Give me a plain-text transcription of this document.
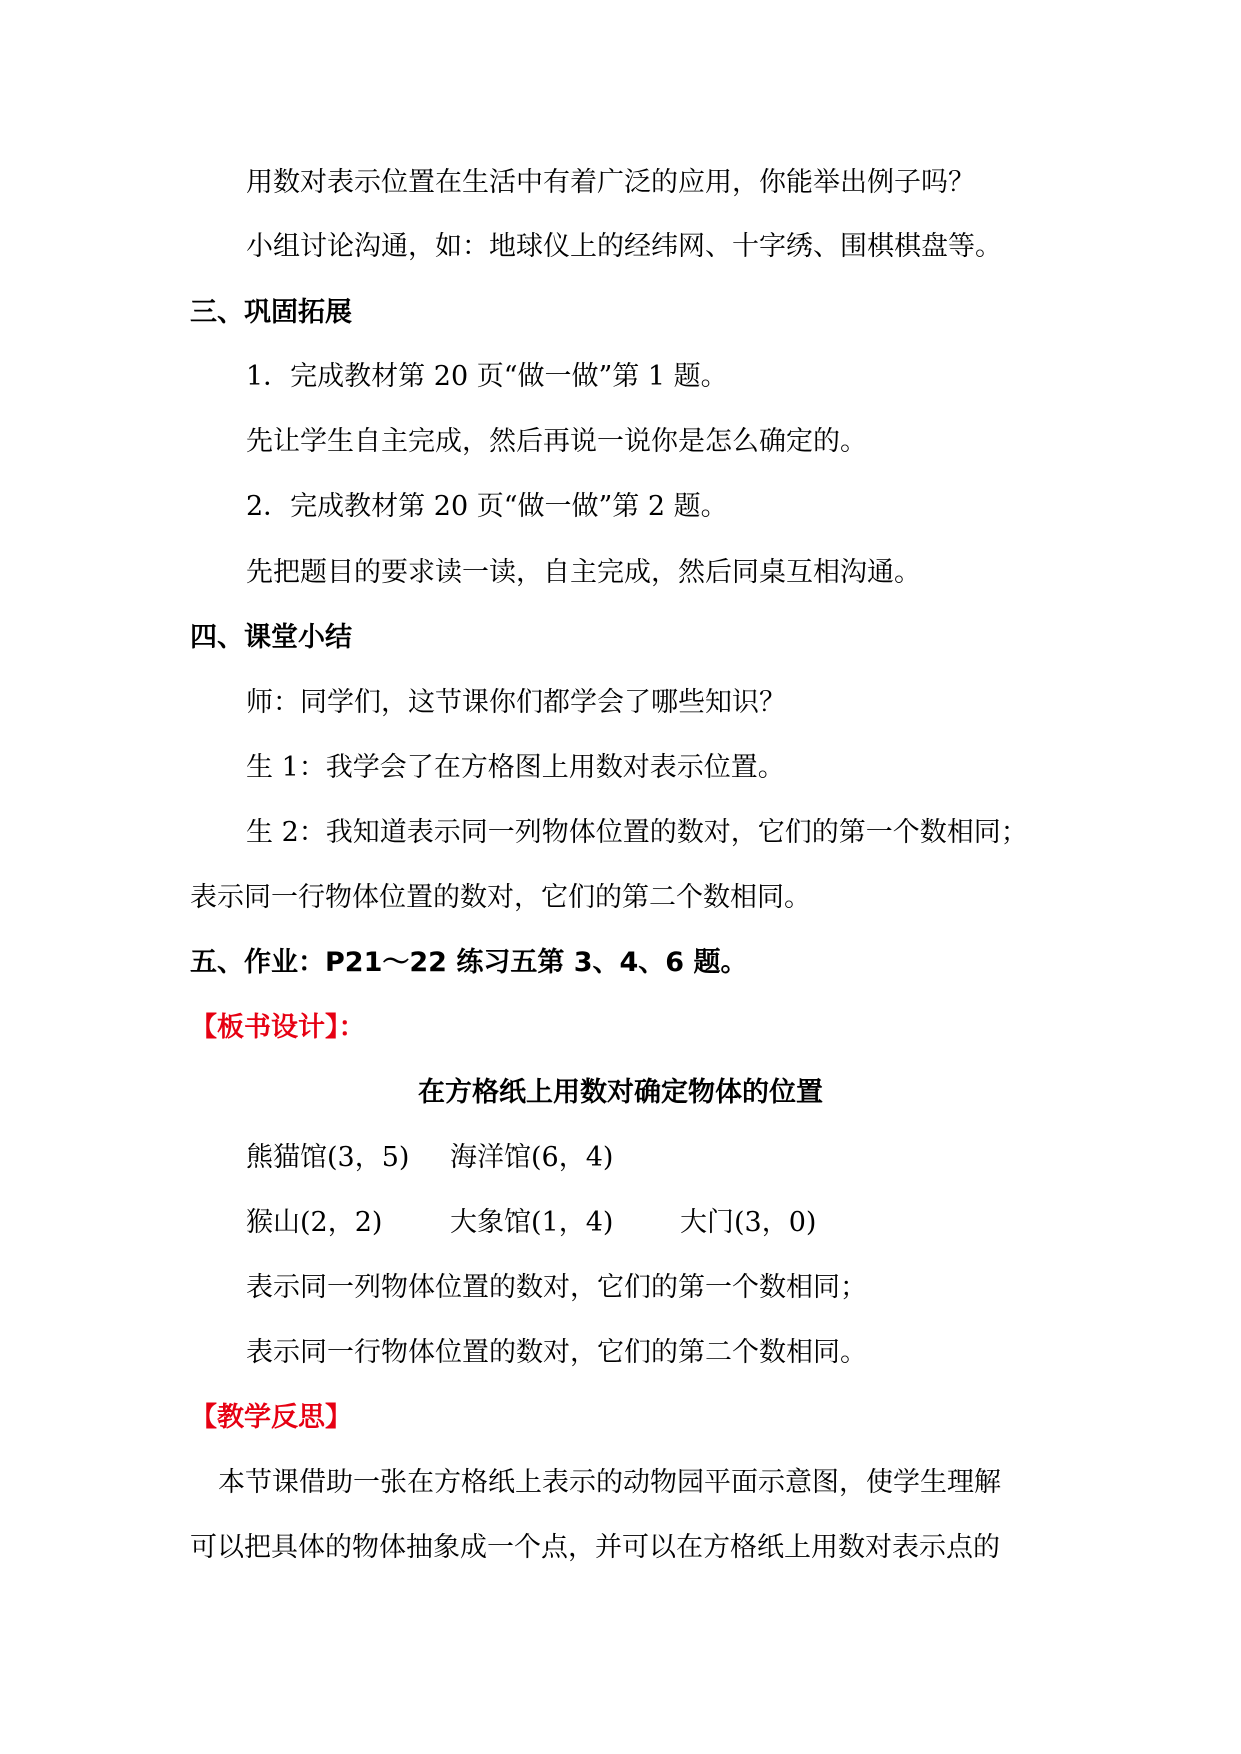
用数对表示位置在生活中有着广泛的应用，你能举出例子吗？
小组讨论沟通，如：地球仪上的经纬网、十字绣、围棋棋盘等。
三、巩固拓展
1．完成教材第 20 页“做一做”第 1 题。
先让学生自主完成，然后再说一说你是怎么确定的。
2．完成教材第 20 页“做一做”第 2 题。
先把题目的要求读一读，自主完成，然后同桌互相沟通。
四、课堂小结
师：同学们，这节课你们都学会了哪些知识？
生 1：我学会了在方格图上用数对表示位置。
生 2：我知道表示同一列物体位置的数对，它们的第一个数相同；
表示同一行物体位置的数对，它们的第二个数相同。
五、作业：P21～22 练习五第 3、4、6 题。
【板书设计】：
在方格纸上用数对确定物体的位置
熊猫馆(3，5) 海洋馆(6，4)
猴山(2，2)	大象馆(1，4) 大门(3，0)
表示同一列物体位置的数对，它们的第一个数相同；
表示同一行物体位置的数对，它们的第二个数相同。
【教学反思】
本节课借助一张在方格纸上表示的动物园平面示意图，使学生理解
可以把具体的物体抽象成一个点，并可以在方格纸上用数对表示点的
